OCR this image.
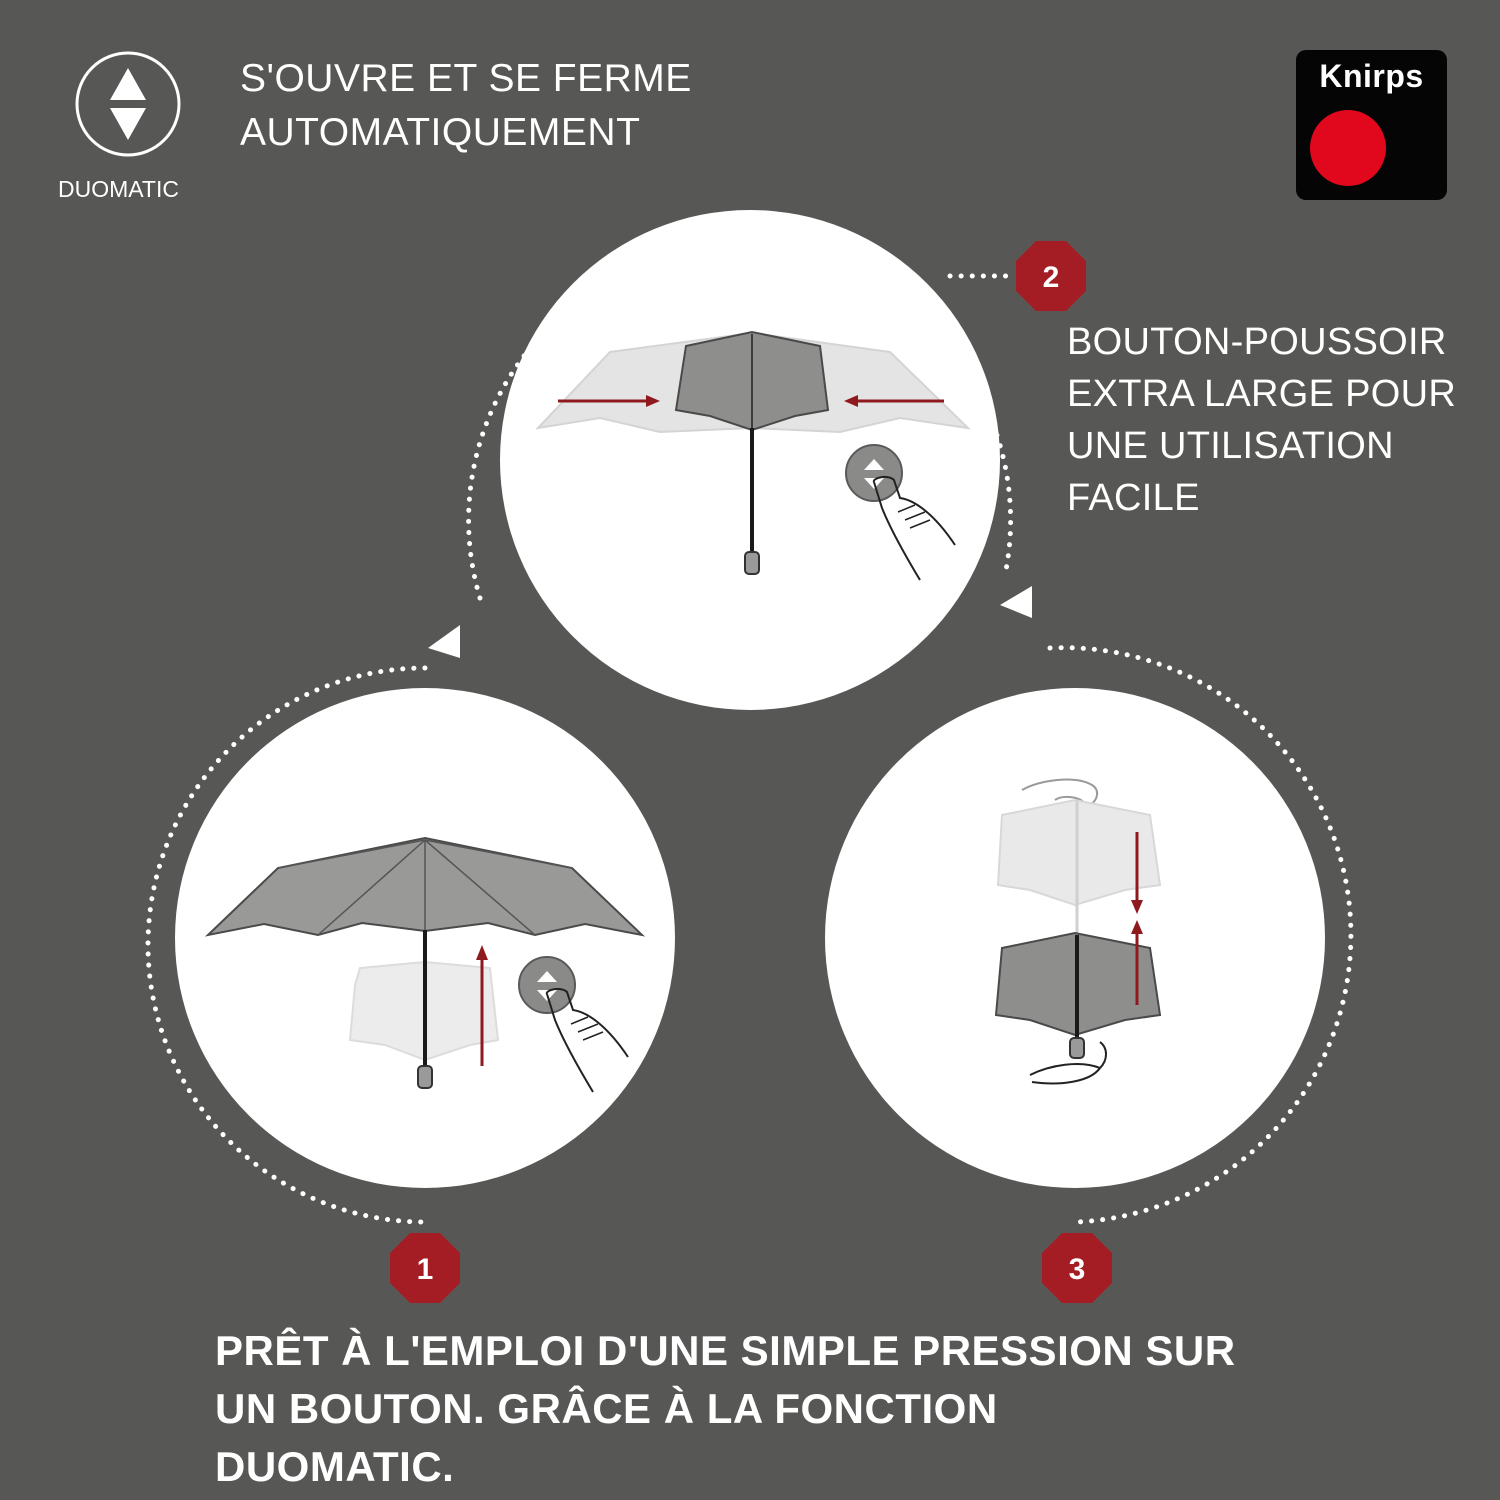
1
2
3
DUOMATIC
S'OUVRE ET SE FERME
AUTOMATIQUEMENT
Knirps
BOUTON-POUSSOIR
EXTRA LARGE POUR
UNE UTILISATION
FACILE
PRÊT À L'EMPLOI D'UNE SIMPLE PRESSION SUR
UN BOUTON. GRÂCE À LA FONCTION
DUOMATIC.
